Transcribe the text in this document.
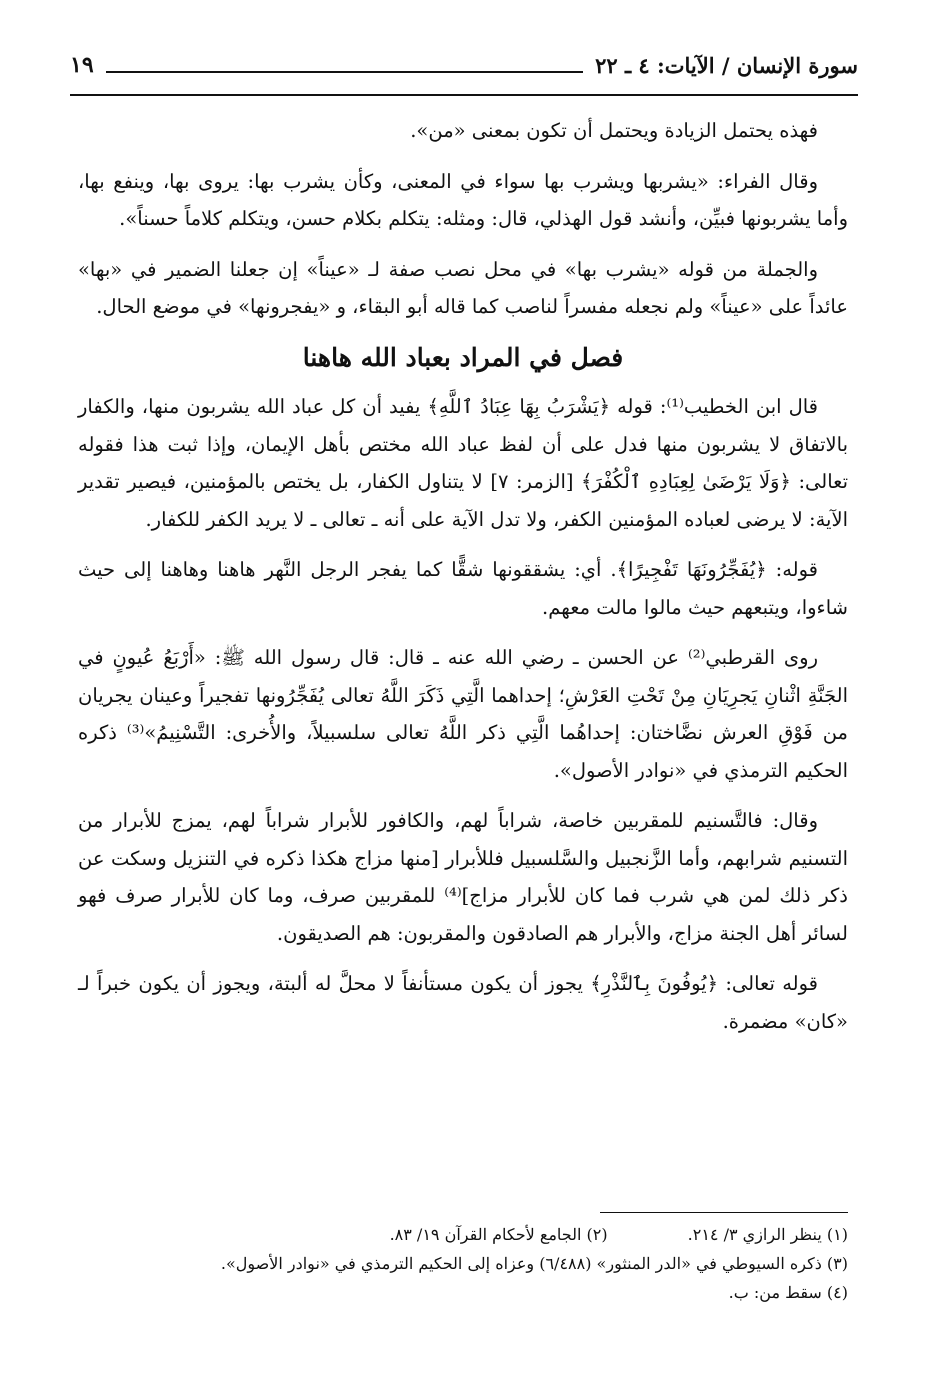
سورة الإنسان / الآيات: ٤ ـ ٢٢
١٩

فهذه يحتمل الزيادة ويحتمل أن تكون بمعنى «من».

وقال الفراء: «يشربها ويشرب بها سواء في المعنى، وكأن يشرب بها: يروى بها، وينفع بها، وأما يشربونها فبيِّن، وأنشد قول الهذلي، قال: ومثله: يتكلم بكلام حسن، ويتكلم كلاماً حسناً».

والجملة من قوله «يشرب بها» في محل نصب صفة لـ «عيناً» إن جعلنا الضمير في «بها» عائداً على «عيناً» ولم نجعله مفسراً لناصب كما قاله أبو البقاء، و «يفجرونها» في موضع الحال.

فصل في المراد بعباد الله هاهنا

قال ابن الخطيب⁽¹⁾: قوله ﴿يَشْرَبُ بِهَا عِبَادُ ٱللَّهِ﴾ يفيد أن كل عباد الله يشربون منها، والكفار بالاتفاق لا يشربون منها فدل على أن لفظ عباد الله مختص بأهل الإيمان، وإذا ثبت هذا فقوله تعالى: ﴿وَلَا يَرْضَىٰ لِعِبَادِهِ ٱلْكُفْرَ﴾ [الزمر: ٧] لا يتناول الكفار، بل يختص بالمؤمنين، فيصير تقدير الآية: لا يرضى لعباده المؤمنين الكفر، ولا تدل الآية على أنه ـ تعالى ـ لا يريد الكفر للكفار.

قوله: ﴿يُفَجِّرُونَهَا تَفْجِيرًا﴾. أي: يشققونها شقًّا كما يفجر الرجل النَّهر هاهنا وهاهنا إلى حيث شاءوا، ويتبعهم حيث مالوا مالت معهم.

روى القرطبي⁽²⁾ عن الحسن ـ رضي الله عنه ـ قال: قال رسول الله ﷺ: «أَرْبَعُ عُيونٍ في الجَنَّةِ اثْنانِ يَجرِيَانِ مِنْ تَحْتِ العَرْشِ؛ إحداهما الَّتِي ذَكَرَ اللَّهُ تعالى يُفَجِّرُونها تفجيراً وعينان يجريان من فَوْقِ العرش نضَّاختان: إحداهُما الَّتِي ذكر اللَّهُ تعالى سلسبيلاً، والأُخرى: التَّسْنِيمُ»⁽³⁾ ذكره الحكيم الترمذي في «نوادر الأصول».

وقال: فالتَّسنيم للمقربين خاصة، شراباً لهم، والكافور للأبرار شراباً لهم، يمزج للأبرار من التسنيم شرابهم، وأما الزَّنجبيل والسَّلسبيل فللأبرار [منها مزاج هكذا ذكره في التنزيل وسكت عن ذكر ذلك لمن هي شرب فما كان للأبرار مزاج]⁽⁴⁾ للمقربين صرف، وما كان للأبرار صرف فهو لسائر أهل الجنة مزاج، والأبرار هم الصادقون والمقربون: هم الصديقون.

قوله تعالى: ﴿يُوفُونَ بِٱلنَّذْرِ﴾ يجوز أن يكون مستأنفاً لا محلَّ له ألبتة، ويجوز أن يكون خبراً لـ «كان» مضمرة.

(١) ينظر الرازي ٣/ ٢١٤.

(٢) الجامع لأحكام القرآن ١٩/ ٨٣.

(٣) ذكره السيوطي في «الدر المنثور» (٦/٤٨٨) وعزاه إلى الحكيم الترمذي في «نوادر الأصول».

(٤) سقط من: ب.
